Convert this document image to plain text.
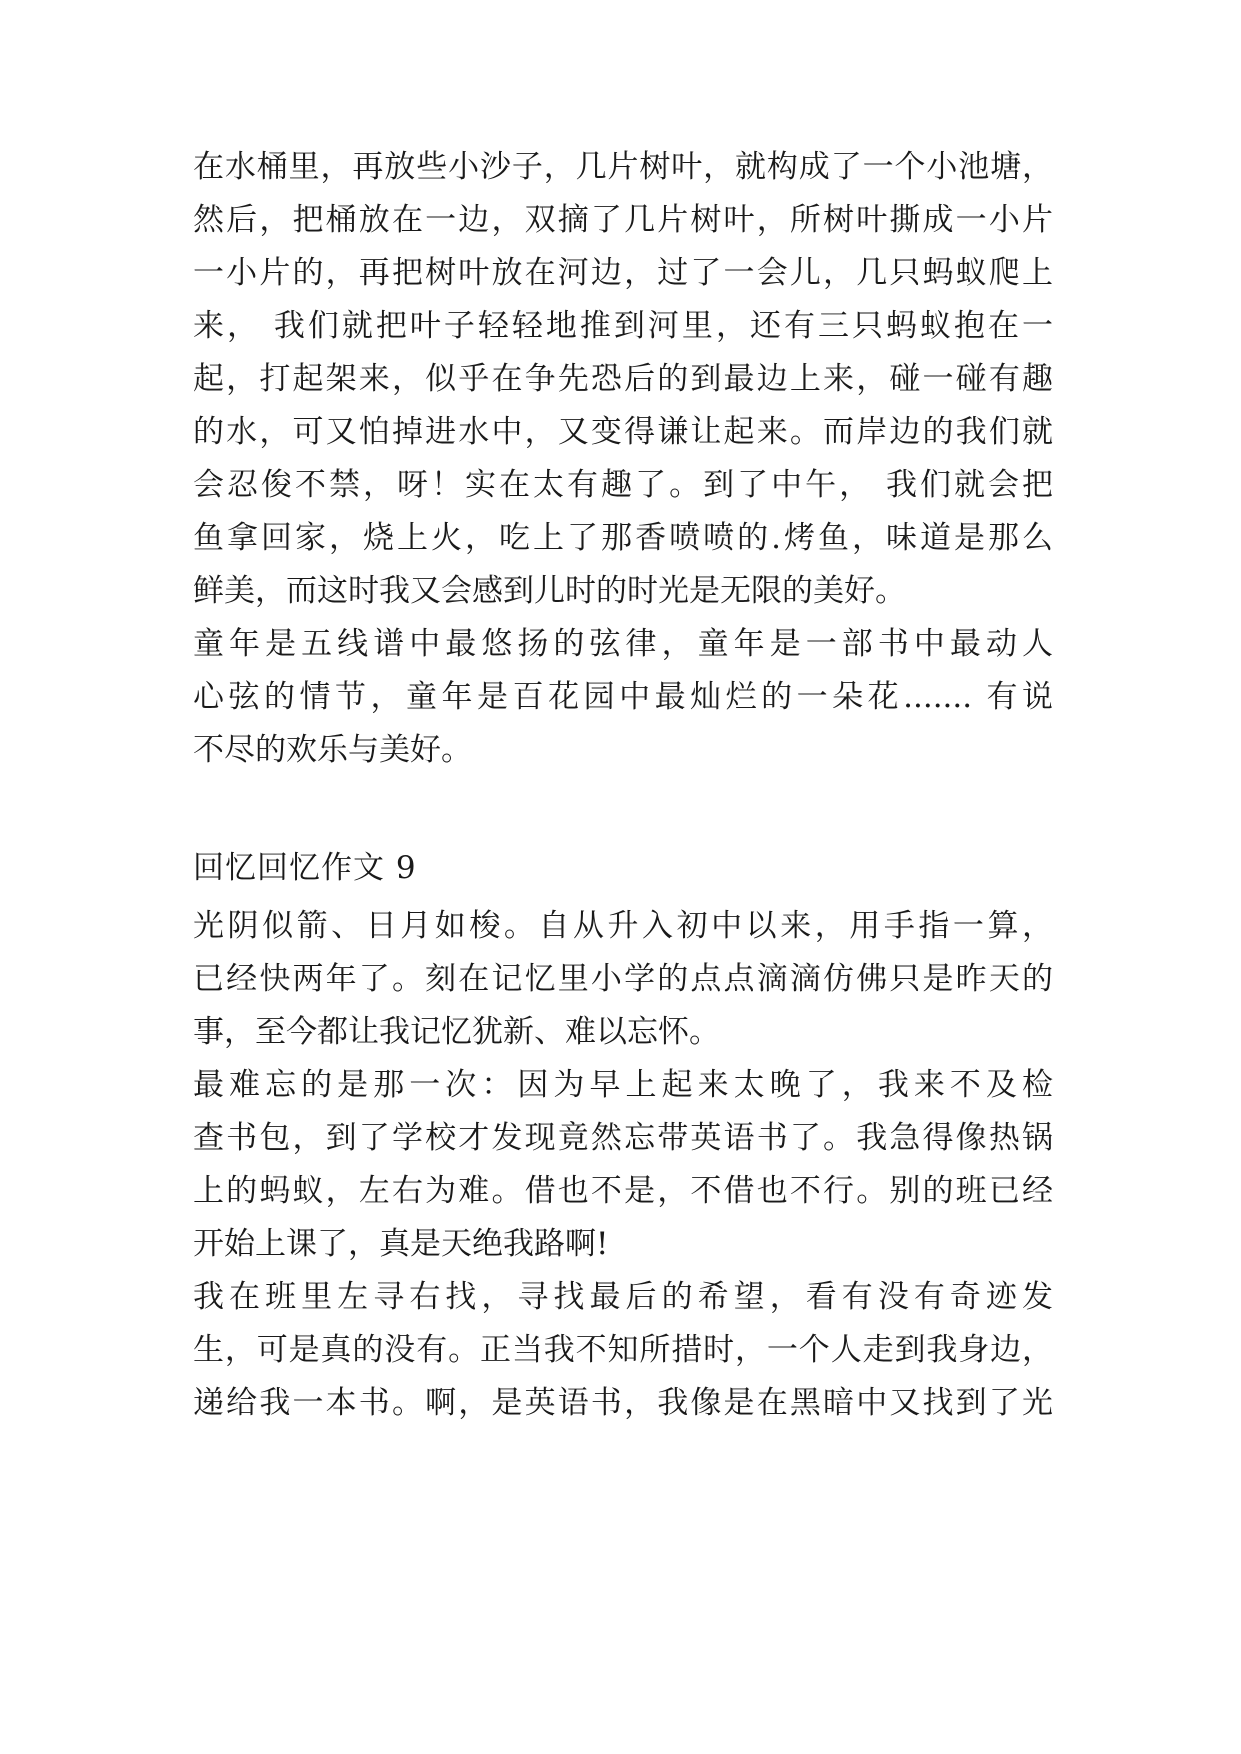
在水桶里，再放些小沙子，几片树叶，就构成了一个小池塘，
然后，把桶放在一边，双摘了几片树叶，所树叶撕成一小片
一小片的，再把树叶放在河边，过了一会儿，几只蚂蚁爬上
来， 我们就把叶子轻轻地推到河里，还有三只蚂蚁抱在一
起，打起架来，似乎在争先恐后的到最边上来，碰一碰有趣
的水，可又怕掉进水中，又变得谦让起来。而岸边的我们就
会忍俊不禁，呀！实在太有趣了。到了中午， 我们就会把
鱼拿回家，烧上火，吃上了那香喷喷的.烤鱼，味道是那么
鲜美，而这时我又会感到儿时的时光是无限的美好。
童年是五线谱中最悠扬的弦律，童年是一部书中最动人
心弦的情节，童年是百花园中最灿烂的一朵花....... 有说
不尽的欢乐与美好。
回忆回忆作文 9
光阴似箭、日月如梭。自从升入初中以来，用手指一算，
已经快两年了。刻在记忆里小学的点点滴滴仿佛只是昨天的
事，至今都让我记忆犹新、难以忘怀。
最难忘的是那一次：因为早上起来太晚了，我来不及检
查书包，到了学校才发现竟然忘带英语书了。我急得像热锅
上的蚂蚁，左右为难。借也不是，不借也不行。别的班已经
开始上课了，真是天绝我路啊!
我在班里左寻右找，寻找最后的希望，看有没有奇迹发
生，可是真的没有。正当我不知所措时，一个人走到我身边，
递给我一本书。啊，是英语书，我像是在黑暗中又找到了光
